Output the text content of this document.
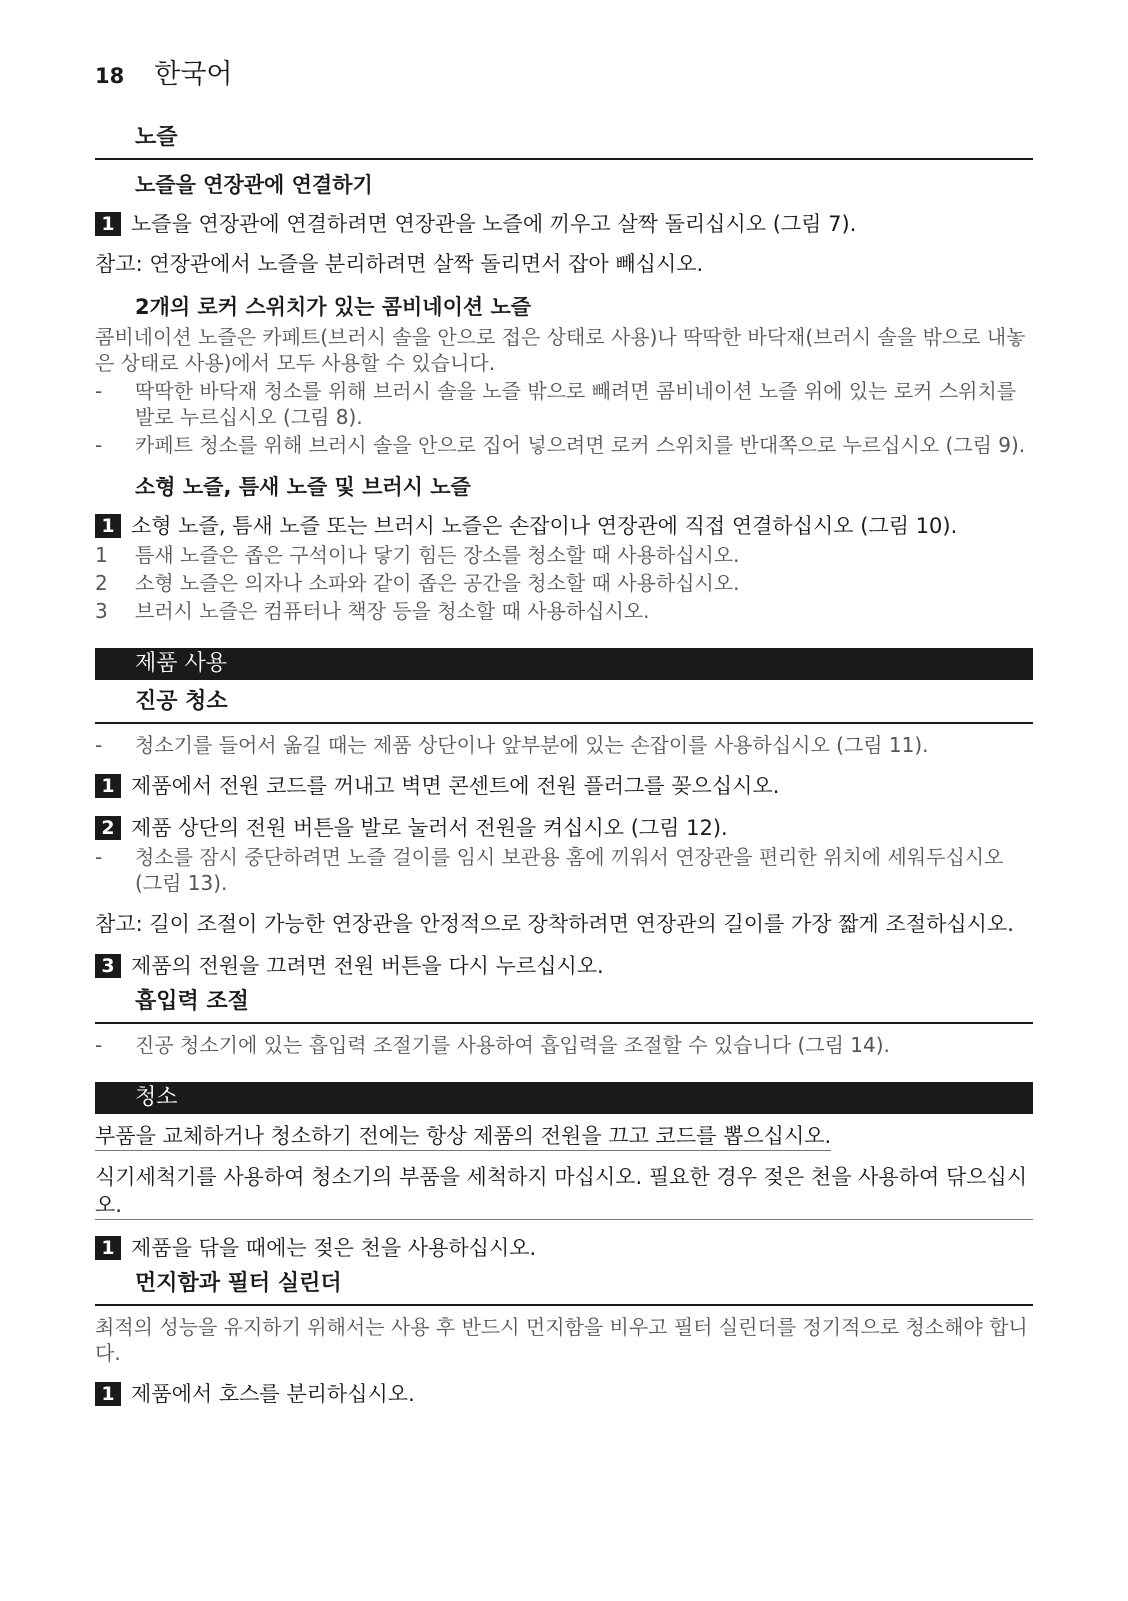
18 한국어
노즐
노즐을 연장관에 연결하기
1 노즐을 연장관에 연결하려면 연장관을 노즐에 끼우고 살짝 돌리십시오 (그림 7).
참고: 연장관에서 노즐을 분리하려면 살짝 돌리면서 잡아 빼십시오.
2개의 로커 스위치가 있는 콤비네이션 노즐
콤비네이션 노즐은 카페트(브러시 솔을 안으로 접은 상태로 사용)나 딱딱한 바닥재(브러시 솔을 밖으로 내놓은 상태로 사용)에서 모두 사용할 수 있습니다.
-	딱딱한 바닥재 청소를 위해 브러시 솔을 노즐 밖으로 빼려면 콤비네이션 노즐 위에 있는 로커 스위치를 발로 누르십시오 (그림 8).
-	카페트 청소를 위해 브러시 솔을 안으로 집어 넣으려면 로커 스위치를 반대쪽으로 누르십시오 (그림 9).
소형 노즐, 틈새 노즐 및 브러시 노즐
1 소형 노즐, 틈새 노즐 또는 브러시 노즐은 손잡이나 연장관에 직접 연결하십시오 (그림 10).
1	틈새 노즐은 좁은 구석이나 닿기 힘든 장소를 청소할 때 사용하십시오.
2	소형 노즐은 의자나 소파와 같이 좁은 공간을 청소할 때 사용하십시오.
3	브러시 노즐은 컴퓨터나 책장 등을 청소할 때 사용하십시오.
제품 사용
진공 청소
-	청소기를 들어서 옮길 때는 제품 상단이나 앞부분에 있는 손잡이를 사용하십시오 (그림 11).
1 제품에서 전원 코드를 꺼내고 벽면 콘센트에 전원 플러그를 꽂으십시오.
2 제품 상단의 전원 버튼을 발로 눌러서 전원을 켜십시오 (그림 12).
-	청소를 잠시 중단하려면 노즐 걸이를 임시 보관용 홈에 끼워서 연장관을 편리한 위치에 세워두십시오 (그림 13).
참고: 길이 조절이 가능한 연장관을 안정적으로 장착하려면 연장관의 길이를 가장 짧게 조절하십시오.
3 제품의 전원을 끄려면 전원 버튼을 다시 누르십시오.
흡입력 조절
-	진공 청소기에 있는 흡입력 조절기를 사용하여 흡입력을 조절할 수 있습니다 (그림 14).
청소
부품을 교체하거나 청소하기 전에는 항상 제품의 전원을 끄고 코드를 뽑으십시오. 식기세척기를 사용하여 청소기의 부품을 세척하지 마십시오. 필요한 경우 젖은 천을 사용하여 닦으십시오.
1 제품을 닦을 때에는 젖은 천을 사용하십시오.
먼지함과 필터 실린더
최적의 성능을 유지하기 위해서는 사용 후 반드시 먼지함을 비우고 필터 실린더를 정기적으로 청소해야 합니다.
1 제품에서 호스를 분리하십시오.
